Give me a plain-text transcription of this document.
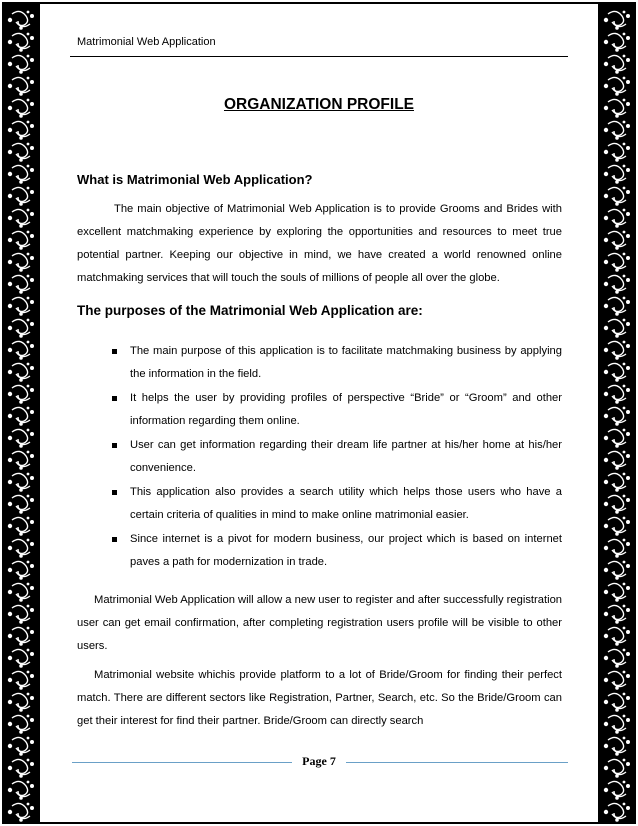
Matrimonial Web Application
ORGANIZATION PROFILE
What is Matrimonial Web Application?
The main objective of Matrimonial Web Application is to provide Grooms and Brides with excellent matchmaking experience by exploring the opportunities and resources to meet true potential partner. Keeping our objective in mind, we have created a world renowned online matchmaking services that will touch the souls of millions of people all over the globe.
The purposes of the Matrimonial Web Application are:
The main purpose of this application is to facilitate matchmaking business by applying the information in the field.
It helps the user by providing profiles of perspective “Bride” or “Groom” and other information regarding them online.
User can get information regarding their dream life partner at his/her home at his/her convenience.
This application also provides a search utility which helps those users who have a certain criteria of qualities in mind to make online matrimonial easier.
Since internet is a pivot for modern business, our project which is based on internet paves a path for modernization in trade.
Matrimonial Web Application will allow a new user to register and after successfully registration user can get email confirmation, after completing registration users profile will be visible to other users.
Matrimonial website whichis provide platform to a lot of Bride/Groom for finding their perfect match. There are different sectors like Registration, Partner, Search, etc. So the Bride/Groom can get their interest for find their partner. Bride/Groom can directly search
Page 7
